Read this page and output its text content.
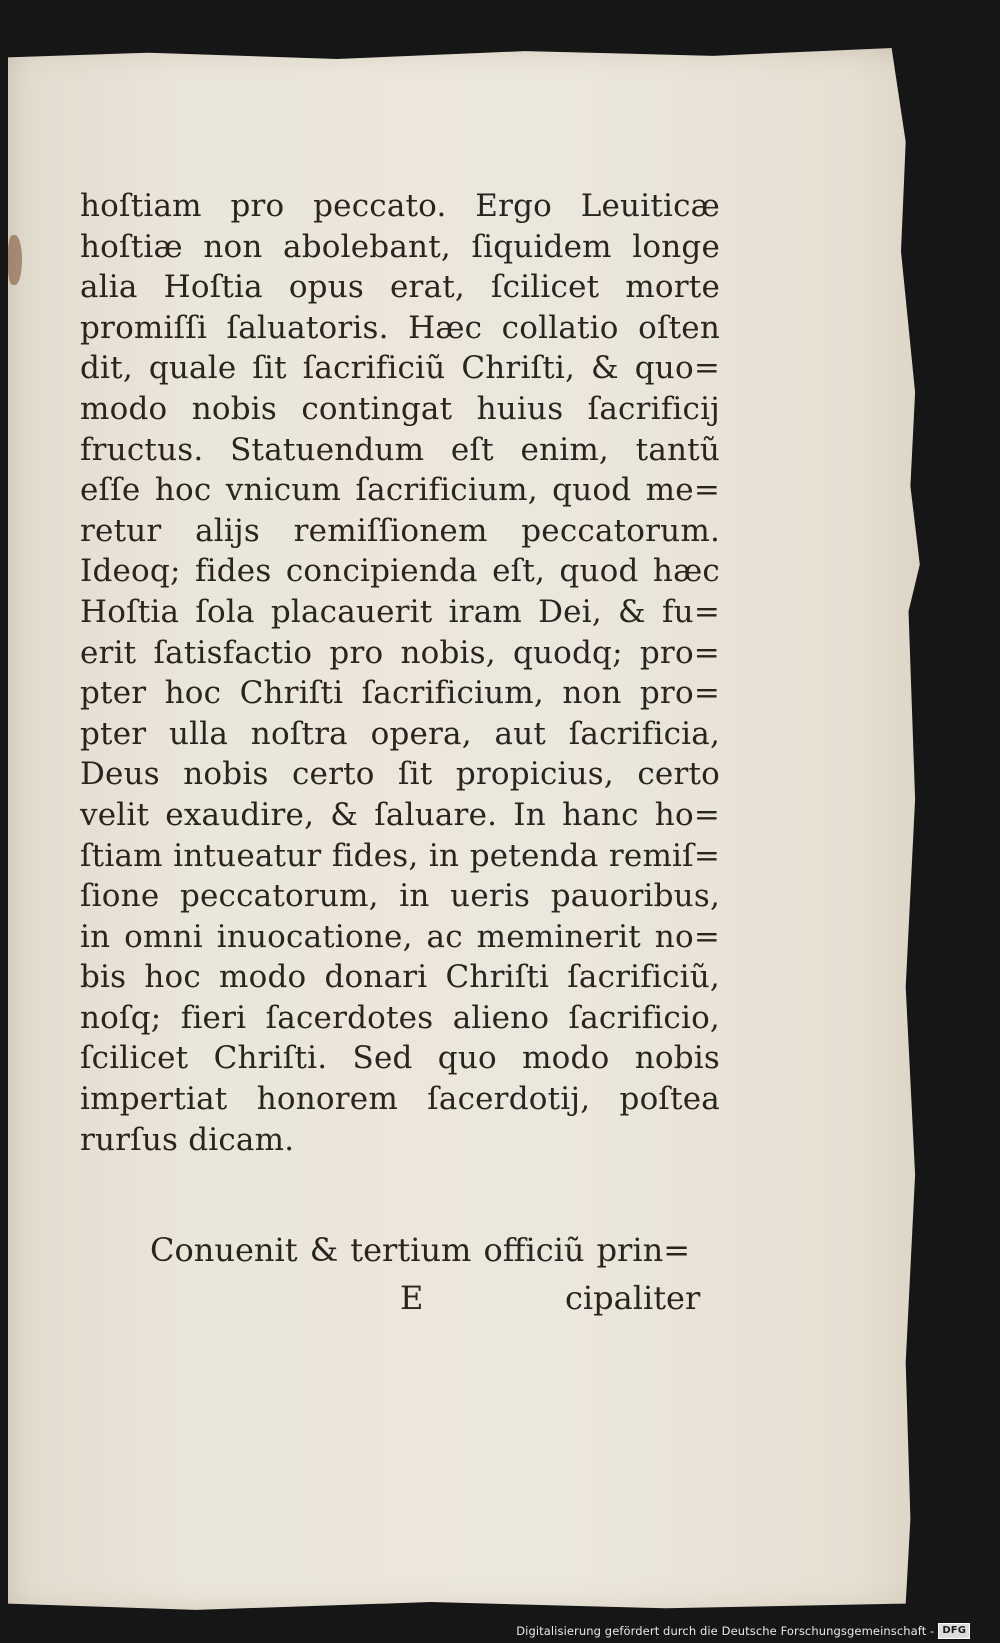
hoſtiam pro peccato. Ergo Leuiticæ
hoſtiæ non abolebant, ſiquidem longe
alia Hoſtia opus erat, ſcilicet morte
promiſſi ſaluatoris. Hæc collatio oſten
dit, quale ſit ſacrificiũ Chriſti, & quo=
modo nobis contingat huius ſacrificij
fructus. Statuendum eſt enim, tantũ
eſſe hoc vnicum ſacrificium, quod me=
retur alijs remiſſionem peccatorum.
Ideoq; fides concipienda eſt, quod hæc
Hoſtia ſola placauerit iram Dei, & fu=
erit ſatisfactio pro nobis, quodq; pro=
pter hoc Chriſti ſacrificium, non pro=
pter ulla noſtra opera, aut ſacrificia,
Deus nobis certo ſit propicius, certo
velit exaudire, & ſaluare. In hanc ho=
ſtiam intueatur fides, in petenda remiſ=
ſione peccatorum, in ueris pauoribus,
in omni inuocatione, ac meminerit no=
bis hoc modo donari Chriſti ſacrificiũ,
noſq; fieri ſacerdotes alieno ſacrificio,
ſcilicet Chriſti. Sed quo modo nobis
impertiat honorem ſacerdotij, poſtea
rurſus dicam.
Conuenit & tertium officiũ prin=
E	cipaliter
Digitalisierung gefördert durch die Deutsche Forschungsgemeinschaft - DFG
